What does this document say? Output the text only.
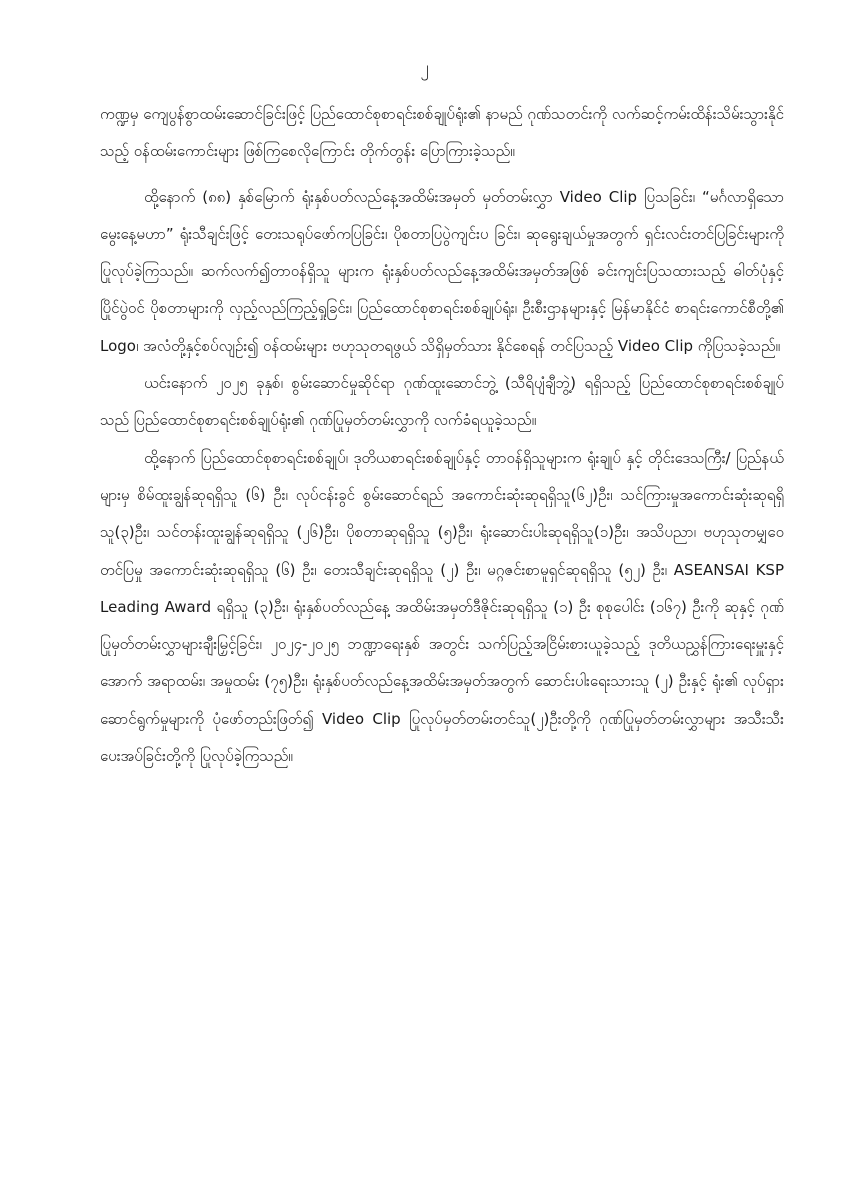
၂

ကဏ္ဍမှ ကျေပွန်စွာထမ်းဆောင်ခြင်းဖြင့် ပြည်ထောင်စုစာရင်းစစ်ချုပ်ရုံး၏ နာမည် ဂုဏ်သတင်းကို လက်ဆင့်ကမ်းထိန်းသိမ်းသွားနိုင်သည့် ဝန်ထမ်းကောင်းများ ဖြစ်ကြစေလိုကြောင်း တိုက်တွန်း ပြောကြားခဲ့သည်။

ထို့နောက် (၈၈) နှစ်မြောက် ရုံးနှစ်ပတ်လည်နေ့အထိမ်းအမှတ် မှတ်တမ်းလွှာ Video Clip ပြသခြင်း၊ “မင်္ဂလာရှိသောမွေးနေ့မဟာ” ရုံးသီချင်းဖြင့် တေးသရုပ်ဖော်ကပြခြင်း၊ ပိုစတာပြပွဲကျင်းပ ခြင်း၊ ဆုရွေးချယ်မှုအတွက် ရှင်းလင်းတင်ပြခြင်းများကို ပြုလုပ်ခဲ့ကြသည်။ ဆက်လက်၍တာဝန်ရှိသူ များက ရုံးနှစ်ပတ်လည်နေ့အထိမ်းအမှတ်အဖြစ် ခင်းကျင်းပြသထားသည့် ဓါတ်ပုံနှင့် ပြိုင်ပွဲဝင် ပိုစတာများကို လှည့်လည်ကြည့်ရှုခြင်း၊ ပြည်ထောင်စုစာရင်းစစ်ချုပ်ရုံး၊ ဦးစီးဌာနများနှင့် မြန်မာနိုင်ငံ စာရင်းကောင်စီတို့၏ Logo၊ အလံတို့နှင့်စပ်လျဉ်း၍ ဝန်ထမ်းများ ဗဟုသုတရဖွယ် သိရှိမှတ်သား နိုင်စေရန် တင်ပြသည့် Video Clip ကိုပြသခဲ့သည်။

ယင်းနောက် ၂၀၂၅ ခုနှစ်၊ စွမ်းဆောင်မှုဆိုင်ရာ ဂုဏ်ထူးဆောင်ဘွဲ့ (သီရိပျံချီဘွဲ့) ရရှိသည့် ပြည်ထောင်စုစာရင်းစစ်ချုပ်သည် ပြည်ထောင်စုစာရင်းစစ်ချုပ်ရုံး၏ ဂုဏ်ပြုမှတ်တမ်းလွှာကို လက်ခံရယူခဲ့သည်။

ထို့နောက် ပြည်ထောင်စုစာရင်းစစ်ချုပ်၊ ဒုတိယစာရင်းစစ်ချုပ်နှင့် တာဝန်ရှိသူများက ရုံးချုပ် နှင့် တိုင်းဒေသကြီး/ ပြည်နယ်များမှ စိမ်ထူးချွန်ဆုရရှိသူ (၆) ဦး၊ လုပ်ငန်းခွင် စွမ်းဆောင်ရည် အကောင်းဆုံးဆုရရှိသူ(၆၂)ဦး၊ သင်ကြားမှုအကောင်းဆုံးဆုရရှိသူ(၃)ဦး၊ သင်တန်းထူးချွန်ဆုရရှိသူ (၂၆)ဦး၊ ပိုစတာဆုရရှိသူ (၅)ဦး၊ ရုံးဆောင်းပါးဆုရရှိသူ(၁)ဦး၊ အသိပညာ၊ ဗဟုသုတမျှဝေတင်ပြမှု အကောင်းဆုံးဆုရရှိသူ (၆) ဦး၊ တေးသီချင်းဆုရရှိသူ (၂) ဦး၊ မဂ္ဂဇင်းစာမူရှင်ဆုရရှိသူ (၅၂) ဦး၊ ASEANSAI KSP Leading Award ရရှိသူ (၃)ဦး၊ ရုံးနှစ်ပတ်လည်နေ့ အထိမ်းအမှတ်ဒီဇိုင်းဆုရရှိသူ (၁) ဦး စုစုပေါင်း (၁၆၇) ဦးကို ဆုနှင့် ဂုဏ်ပြုမှတ်တမ်းလွှာများချီးမြှင့်ခြင်း၊ ၂၀၂၄-၂၀၂၅ ဘဏ္ဍာရေးနှစ် အတွင်း သက်ပြည့်အငြိမ်းစားယူခဲ့သည့် ဒုတိယညွှန်ကြားရေးမှူးနှင့်အောက် အရာထမ်း၊ အမှုထမ်း (၇၅)ဦး၊ ရုံးနှစ်ပတ်လည်နေ့အထိမ်းအမှတ်အတွက် ဆောင်းပါးရေးသားသူ (၂) ဦးနှင့် ရုံး၏ လုပ်ရှားဆောင်ရွက်မှုများကို ပုံဖော်တည်းဖြတ်၍ Video Clip ပြုလုပ်မှတ်တမ်းတင်သူ(၂)ဦးတို့ကို ဂုဏ်ပြုမှတ်တမ်းလွှာများ အသီးသီးပေးအပ်ခြင်းတို့ကို ပြုလုပ်ခဲ့ကြသည်။
